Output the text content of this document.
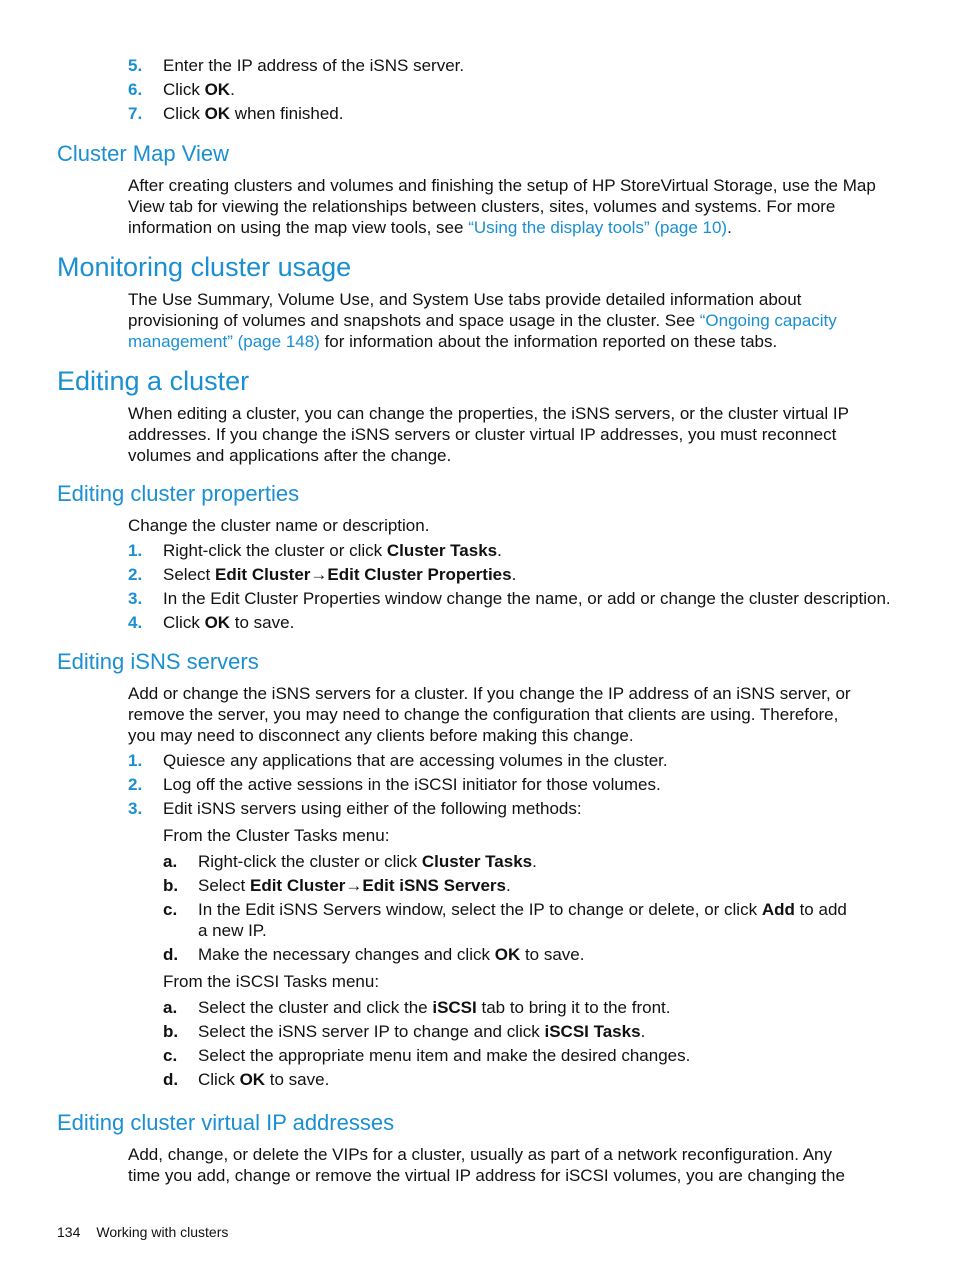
5. Enter the IP address of the iSNS server.
6. Click OK.
7. Click OK when finished.
Cluster Map View
After creating clusters and volumes and finishing the setup of HP StoreVirtual Storage, use the Map
View tab for viewing the relationships between clusters, sites, volumes and systems. For more
information on using the map view tools, see “Using the display tools” (page 10).
Monitoring cluster usage
The Use Summary, Volume Use, and System Use tabs provide detailed information about
provisioning of volumes and snapshots and space usage in the cluster. See “Ongoing capacity
management” (page 148) for information about the information reported on these tabs.
Editing a cluster
When editing a cluster, you can change the properties, the iSNS servers, or the cluster virtual IP
addresses. If you change the iSNS servers or cluster virtual IP addresses, you must reconnect
volumes and applications after the change.
Editing cluster properties
Change the cluster name or description.
1. Right-click the cluster or click Cluster Tasks.
2. Select Edit Cluster→Edit Cluster Properties.
3. In the Edit Cluster Properties window change the name, or add or change the cluster description.
4. Click OK to save.
Editing iSNS servers
Add or change the iSNS servers for a cluster. If you change the IP address of an iSNS server, or
remove the server, you may need to change the configuration that clients are using. Therefore,
you may need to disconnect any clients before making this change.
1. Quiesce any applications that are accessing volumes in the cluster.
2. Log off the active sessions in the iSCSI initiator for those volumes.
3. Edit iSNS servers using either of the following methods:
From the Cluster Tasks menu:
a. Right-click the cluster or click Cluster Tasks.
b. Select Edit Cluster→Edit iSNS Servers.
c. In the Edit iSNS Servers window, select the IP to change or delete, or click Add to add
a new IP.
d. Make the necessary changes and click OK to save.
From the iSCSI Tasks menu:
a. Select the cluster and click the iSCSI tab to bring it to the front.
b. Select the iSNS server IP to change and click iSCSI Tasks.
c. Select the appropriate menu item and make the desired changes.
d. Click OK to save.
Editing cluster virtual IP addresses
Add, change, or delete the VIPs for a cluster, usually as part of a network reconfiguration. Any
time you add, change or remove the virtual IP address for iSCSI volumes, you are changing the
134 Working with clusters
